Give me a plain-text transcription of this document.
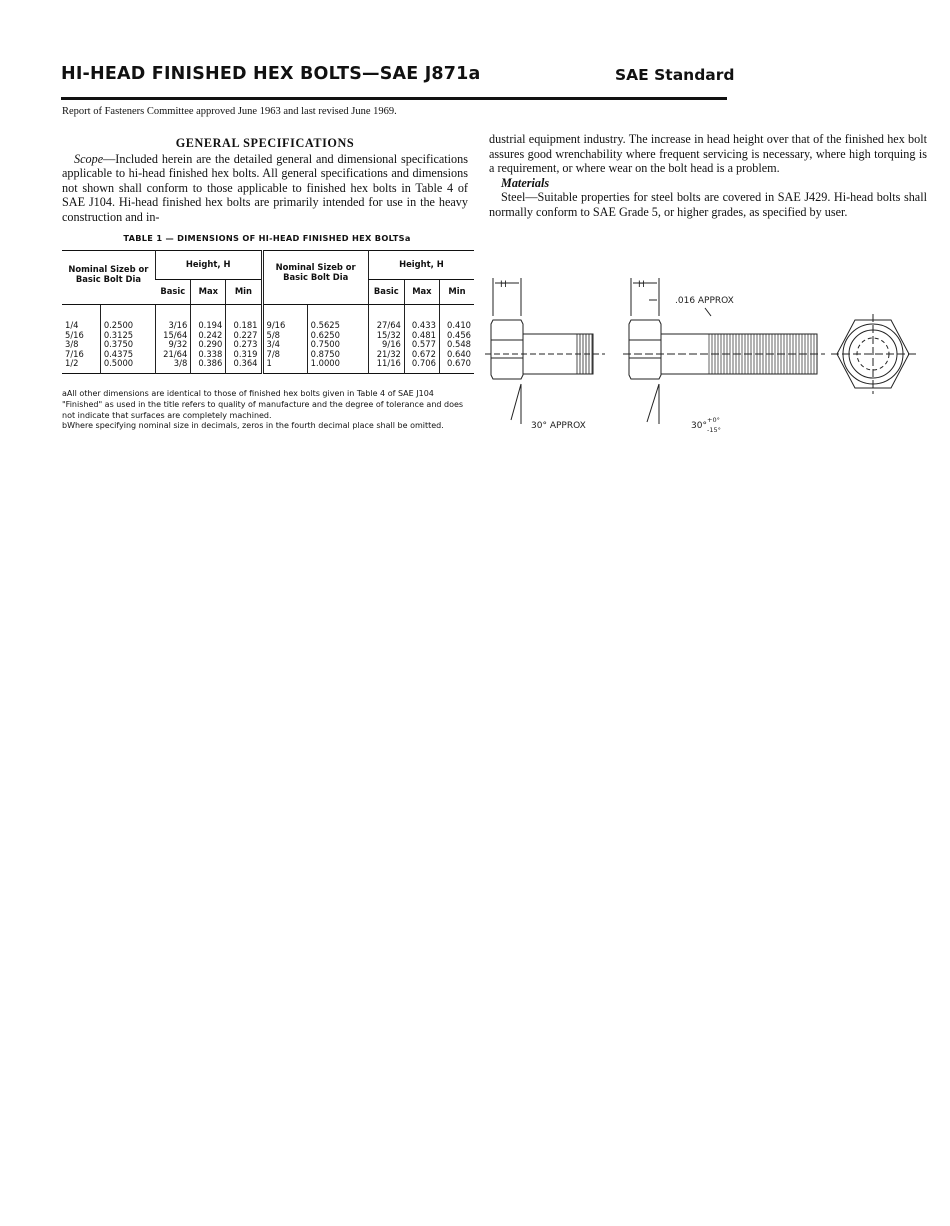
HI-HEAD FINISHED HEX BOLTS—SAE J871a	SAE Standard
Report of Fasteners Committee approved June 1963 and last revised June 1969.
GENERAL SPECIFICATIONS
Scope—Included herein are the detailed general and dimensional specifications applicable to hi-head finished hex bolts. All general specifications and dimensions not shown shall conform to those applicable to finished hex bolts in Table 4 of SAE J104. Hi-head finished hex bolts are primarily intended for use in the heavy construction and in-
dustrial equipment industry. The increase in head height over that of the finished hex bolt assures good wrenchability where frequent servicing is necessary, where high torquing is a requirement, or where wear on the bolt head is a problem.
Materials
Steel—Suitable properties for steel bolts are covered in SAE J429. Hi-head bolts shall normally conform to SAE Grade 5, or higher grades, as specified by user.
TABLE 1 — DIMENSIONS OF HI-HEAD FINISHED HEX BOLTSa
Nominal Sizeb or Basic Bolt Dia		Height, H			Nominal Sizeb or Basic Bolt Dia		Height, H		
		Basic	Max	Min			Basic	Max	Min
1/4	0.2500	3/16	0.194	0.181	9/16	0.5625	27/64	0.433	0.410
5/16	0.3125	15/64	0.242	0.227	5/8	0.6250	15/32	0.481	0.456
3/8	0.3750	9/32	0.290	0.273	3/4	0.7500	9/16	0.577	0.548
7/16	0.4375	21/64	0.338	0.319	7/8	0.8750	21/32	0.672	0.640
1/2	0.5000	3/8	0.386	0.364	1	1.0000	11/16	0.706	0.670
aAll other dimensions are identical to those of finished hex bolts given in Table 4 of SAE J104 "Finished" as used in the title refers to quality of manufacture and the degree of tolerance and does not indicate that surfaces are completely machined.
bWhere specifying nominal size in decimals, zeros in the fourth decimal place shall be omitted.
H	H
.016 APPROX
30° APPROX	30°
+0°
-15°
